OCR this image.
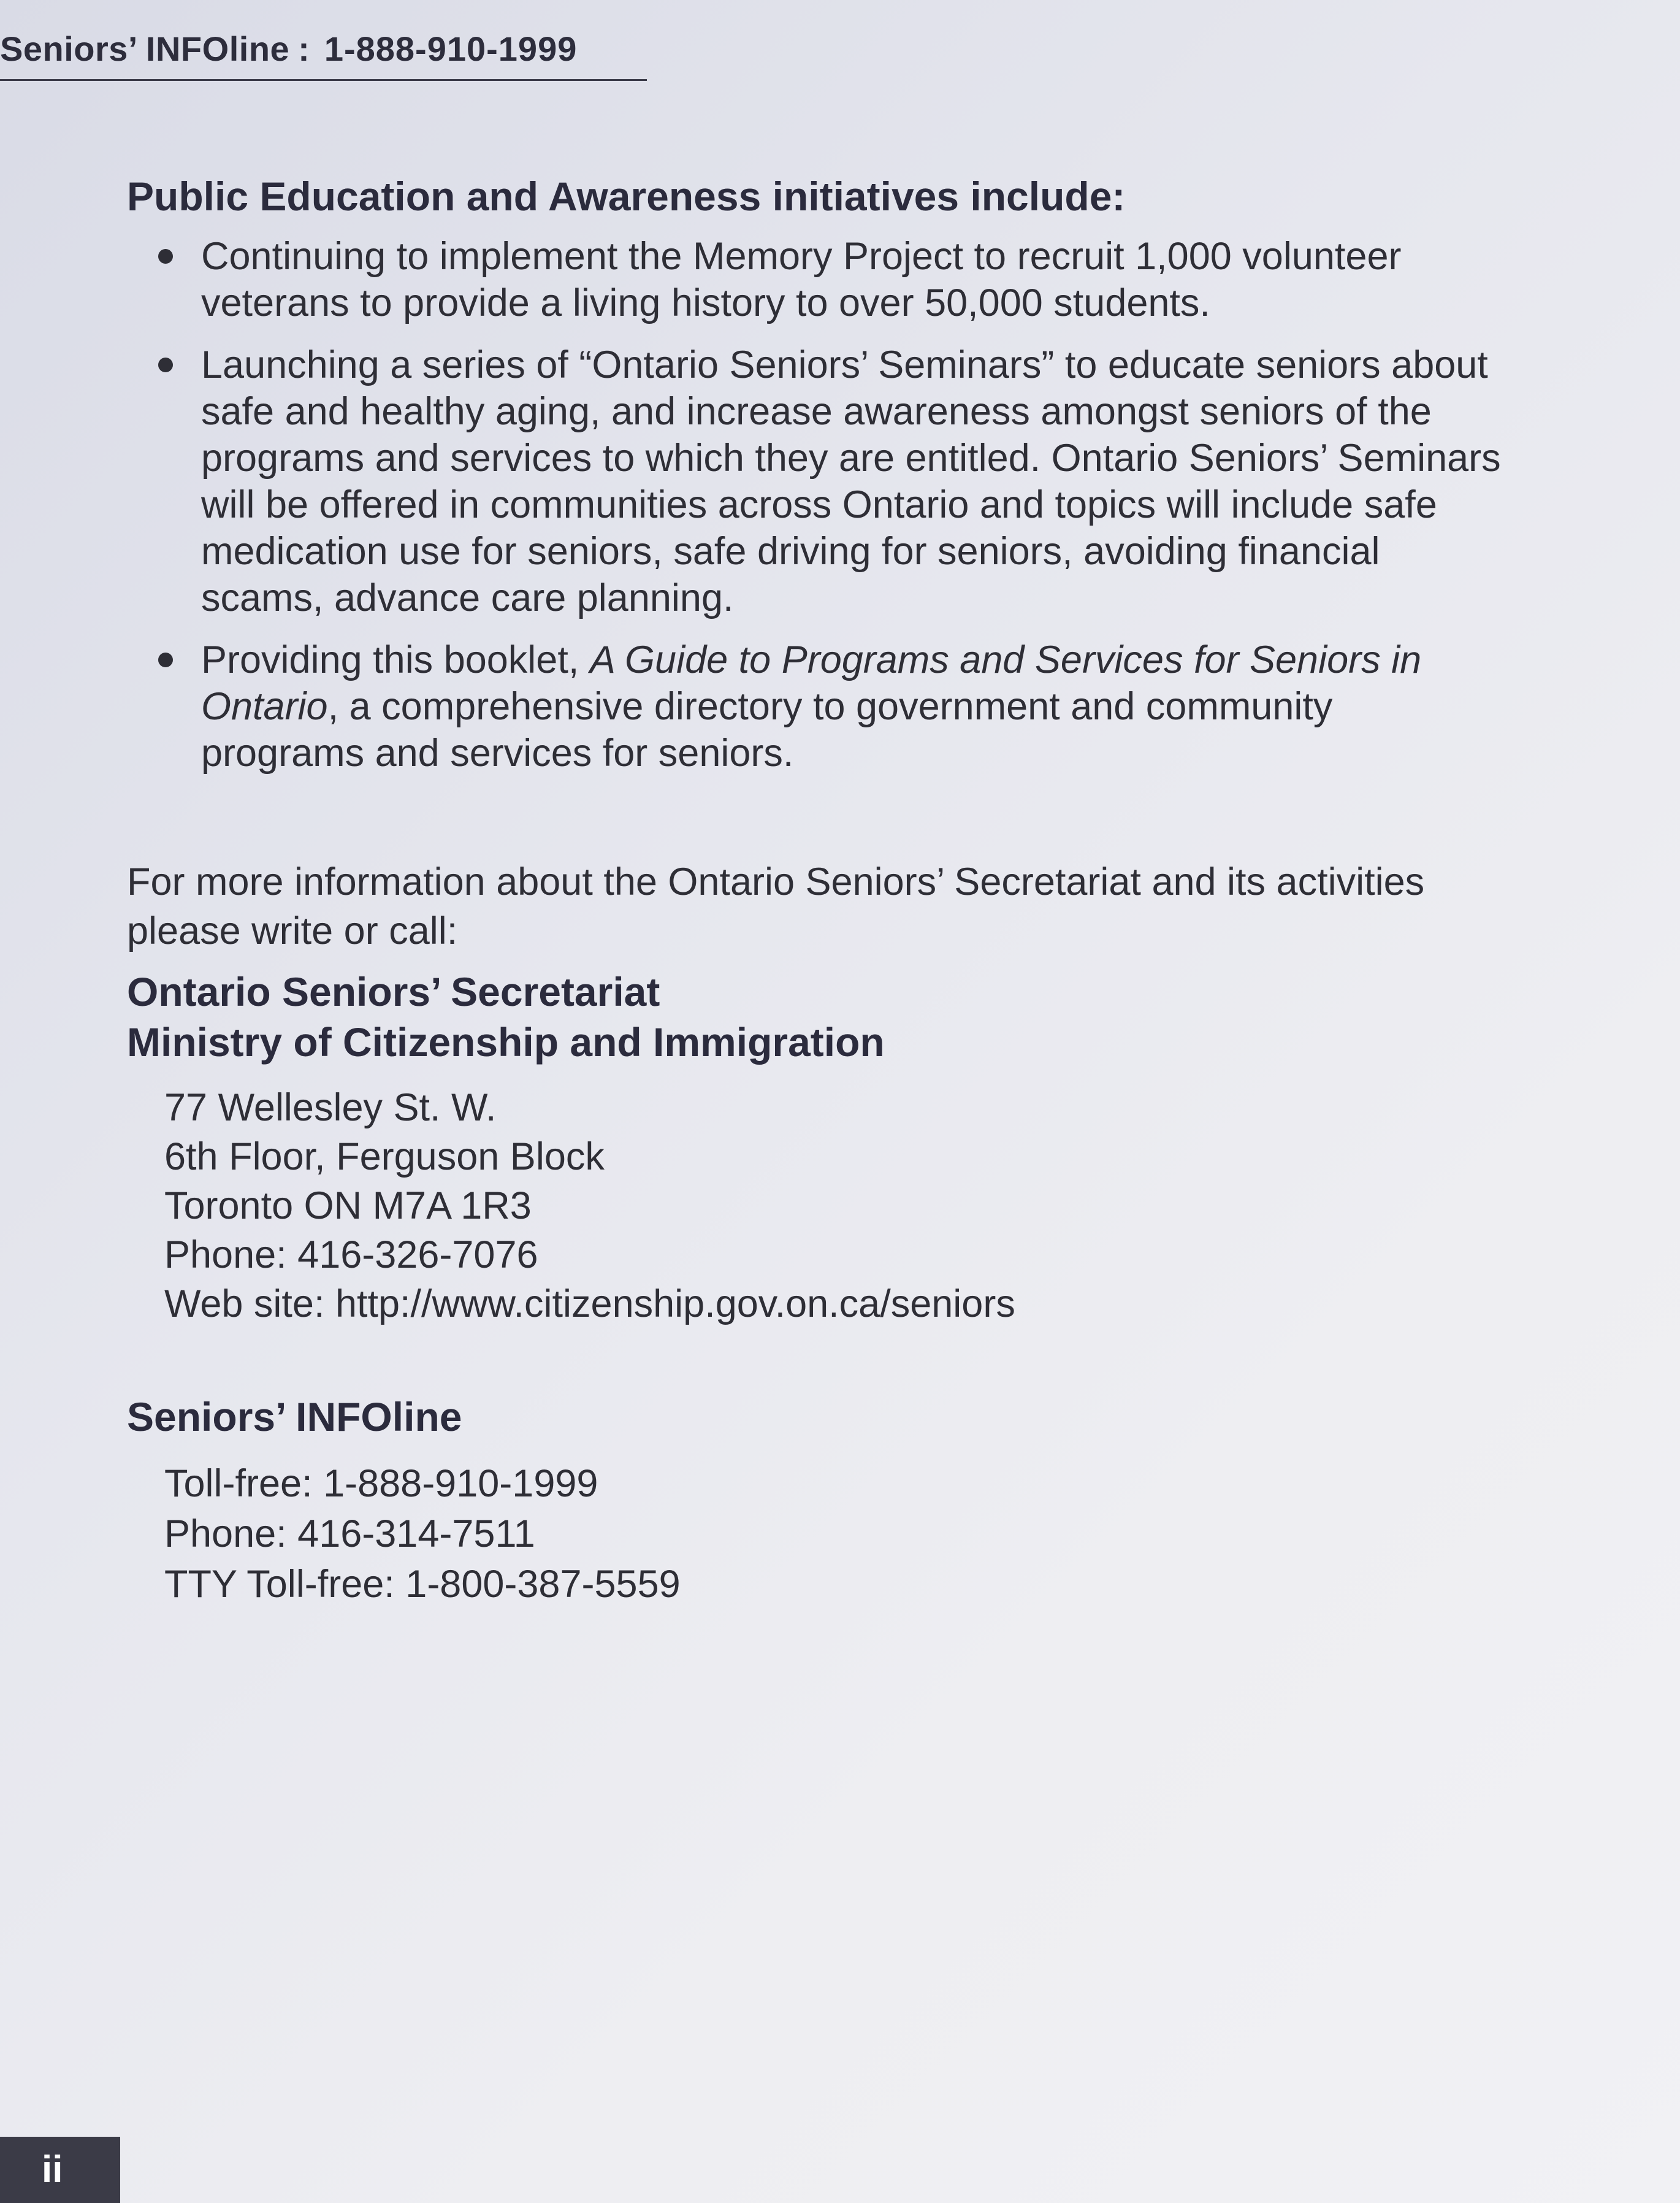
Seniors’ INFOline : 1-888-910-1999
Public Education and Awareness initiatives include:
Continuing to implement the Memory Project to recruit 1,000 volunteer veterans to provide a living history to over 50,000 students.
Launching a series of “Ontario Seniors’ Seminars” to educate seniors about safe and healthy aging, and increase awareness amongst seniors of the programs and services to which they are entitled. Ontario Seniors’ Seminars will be offered in communities across Ontario and topics will include safe medication use for seniors, safe driving for seniors, avoiding financial scams, advance care planning.
Providing this booklet, A Guide to Programs and Services for Seniors in Ontario, a comprehensive directory to government and community programs and services for seniors.

For more information about the Ontario Seniors’ Secretariat and its activities please write or call:

Ontario Seniors’ Secretariat
Ministry of Citizenship and Immigration
77 Wellesley St. W.
6th Floor, Ferguson Block
Toronto ON M7A 1R3
Phone: 416-326-7076
Web site: http://www.citizenship.gov.on.ca/seniors
Seniors’ INFOline
Toll-free: 1-888-910-1999
Phone: 416-314-7511
TTY Toll-free: 1-800-387-5559
ii
